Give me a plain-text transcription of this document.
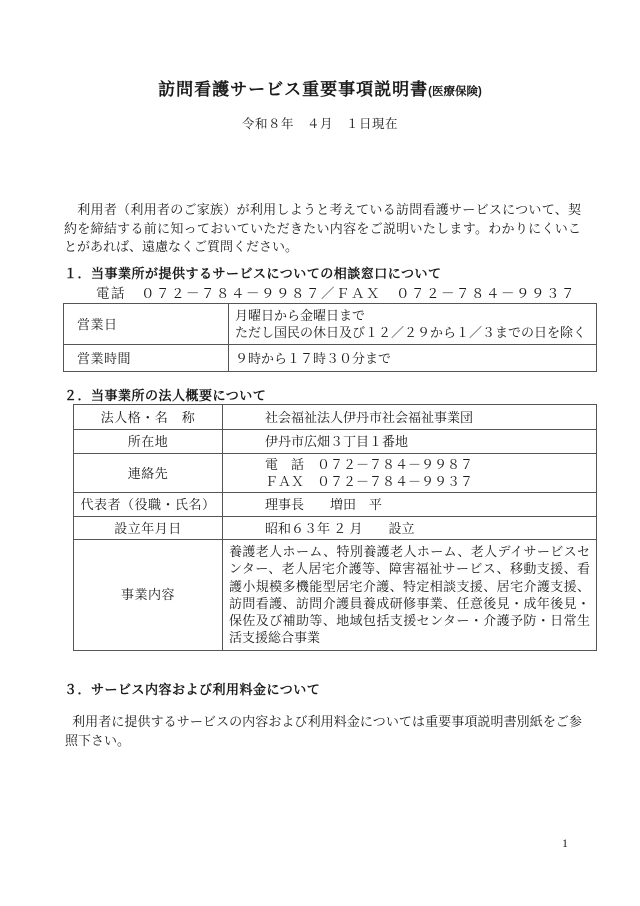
訪問看護サービス重要事項説明書(医療保険)
令和８年　４月　１日現在

　利用者（利用者のご家族）が利用しようと考えている訪問看護サービスについて、契約を締結する前に知っておいていただきたい内容をご説明いたします。わかりにくいことがあれば、遠慮なくご質問ください。

１．当事業所が提供するサービスについての相談窓口について
電話　０７２－７８４－９９８７／ＦＡＸ　０７２－７８４－９９３７
営業日	月曜日から金曜日まで
ただし国民の休日及び１２／２９から１／３までの日を除く

営業時間	９時から１７時３０分まで
２．当事業所の法人概要について
法人格・名　称	社会福祉法人伊丹市社会福祉事業団
所在地	伊丹市広畑３丁目１番地
連絡先	電　話　０７２－７８４－９９８７
ＦＡＸ　０７２－７８４－９９３７

代表者（役職・氏名）	理事長　　増田　平
設立年月日	昭和６３年 ２ 月　　設立
事業内容	養護老人ホーム、特別養護老人ホーム、老人デイサービスセンター、老人居宅介護等、障害福祉サービス、移動支援、看護小規模多機能型居宅介護、特定相談支援、居宅介護支援、訪問看護、訪問介護員養成研修事業、任意後見・成年後見・保佐及び補助等、地域包括支援センター・介護予防・日常生活支援総合事業
３．サービス内容および利用料金について

利用者に提供するサービスの内容および利用料金については重要事項説明書別紙をご参照下さい。

1
